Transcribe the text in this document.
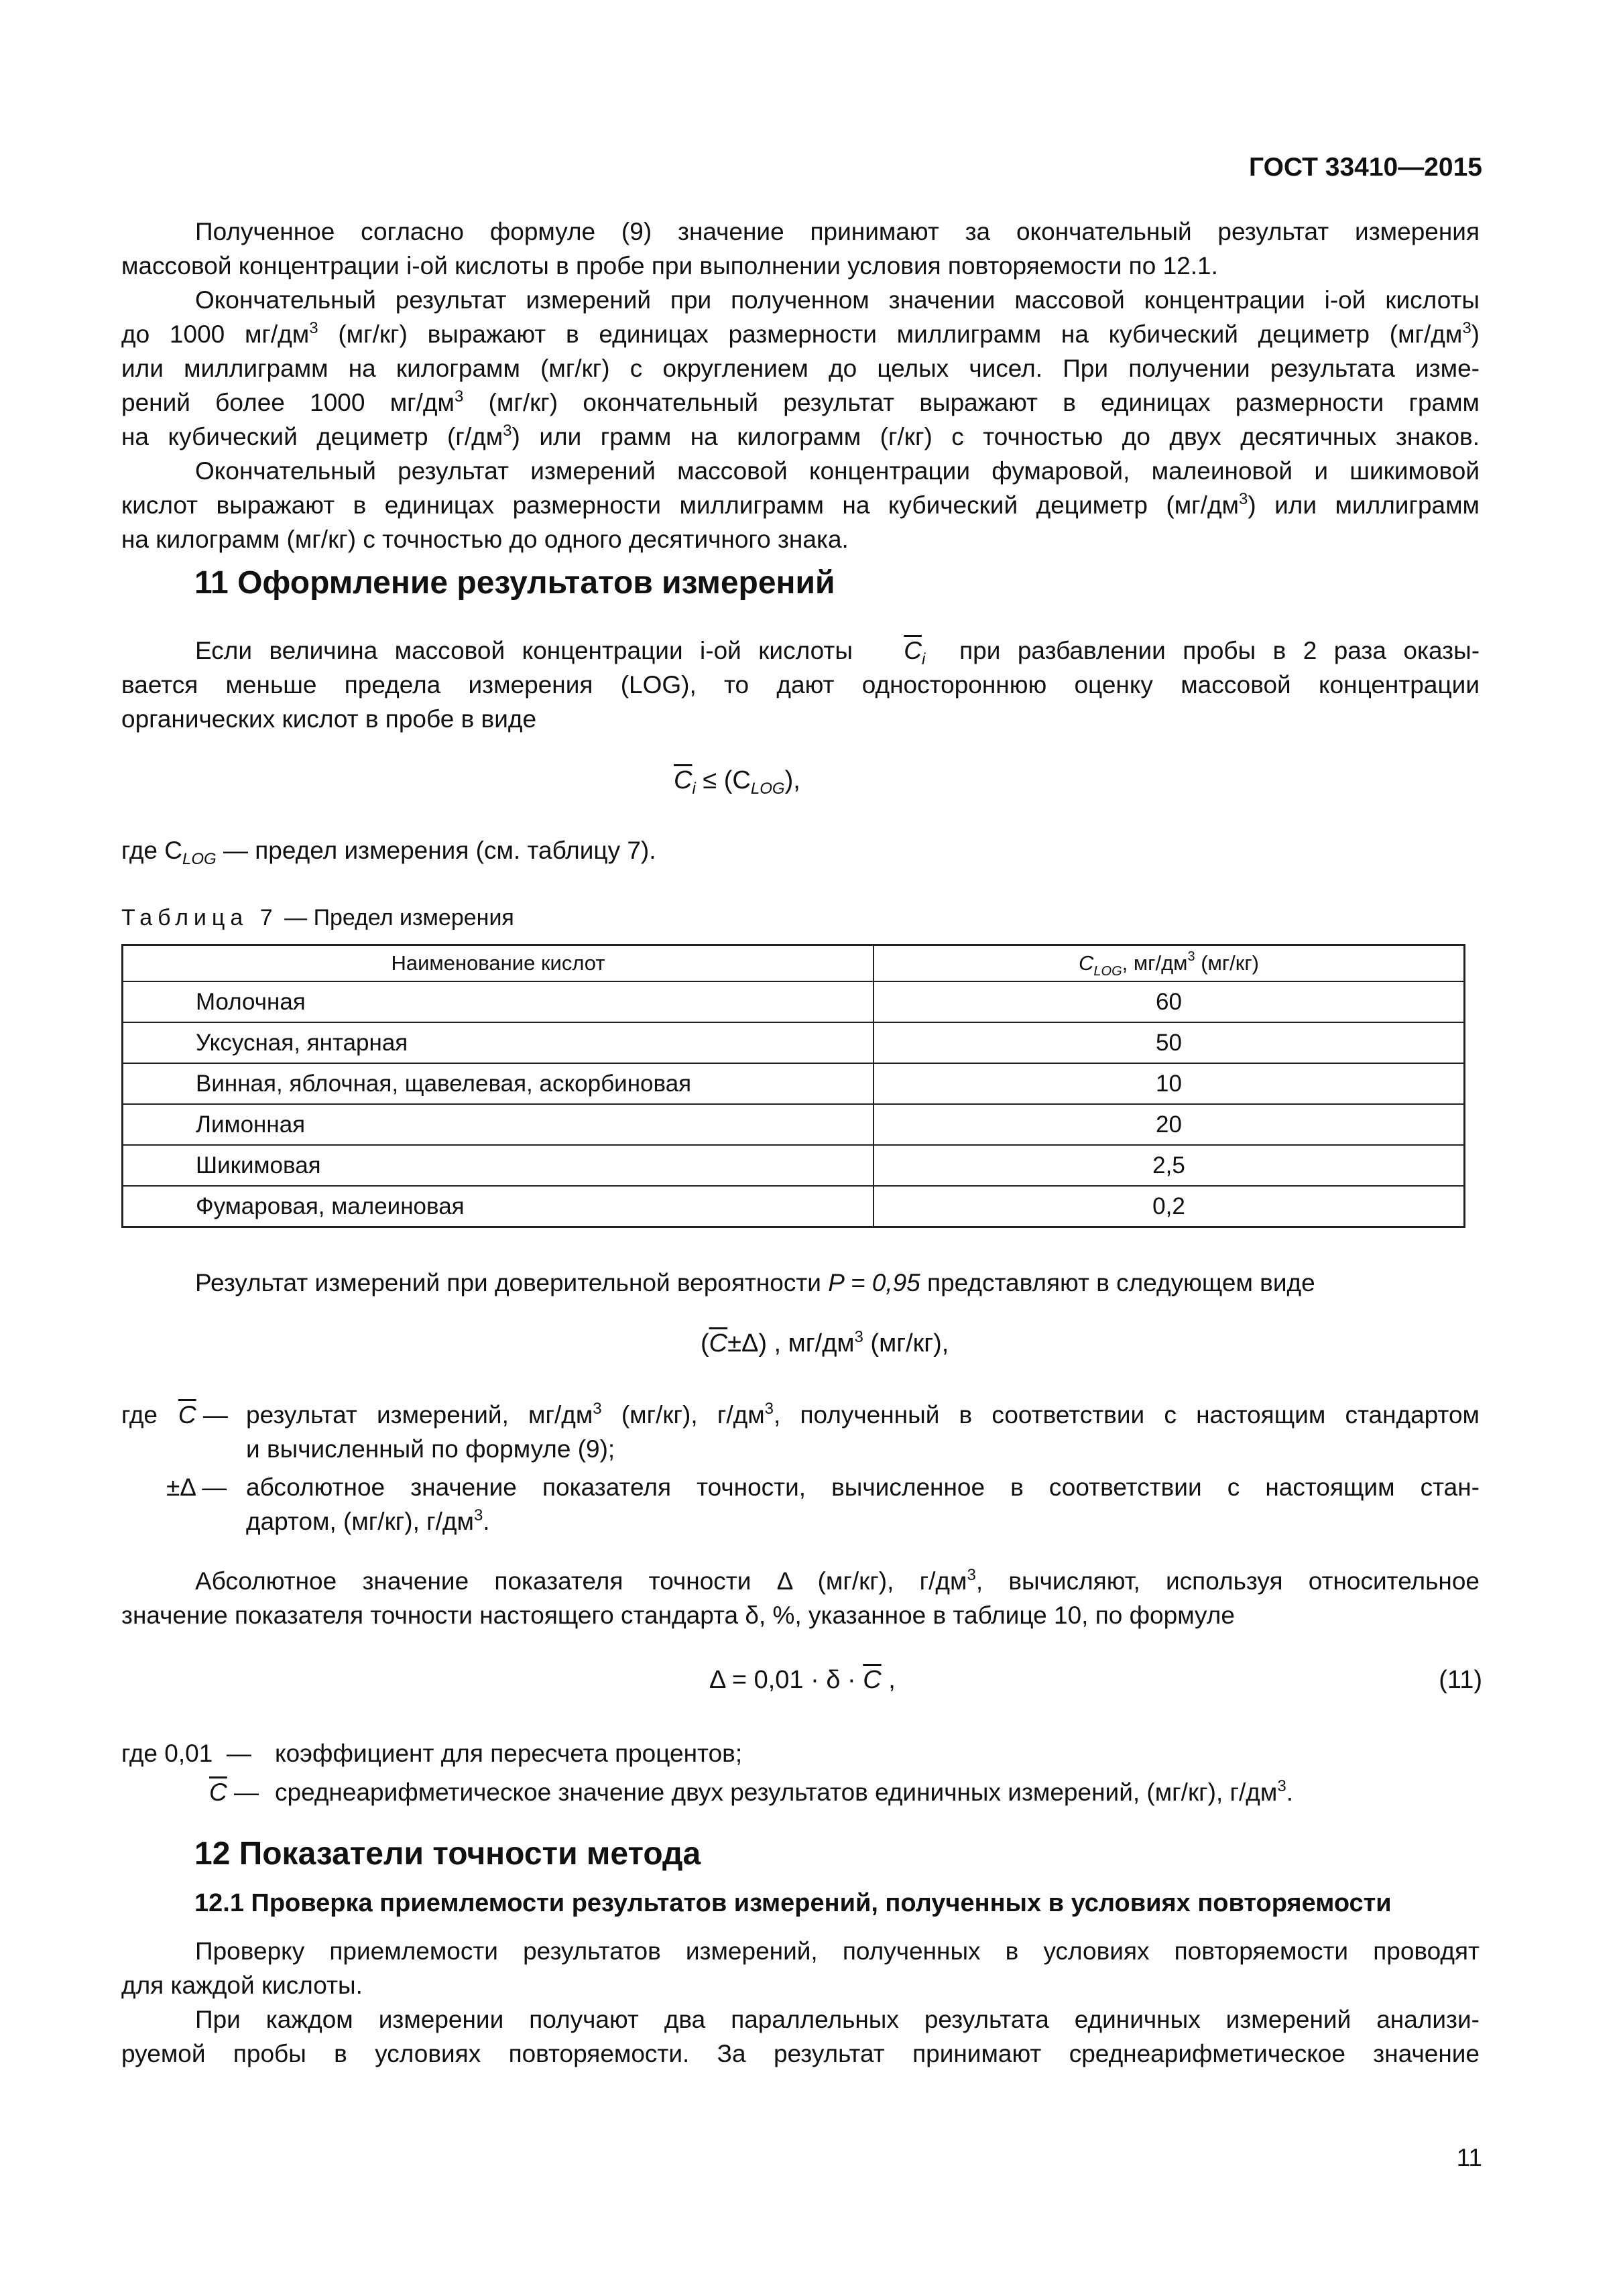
ГОСТ 33410—2015
Полученное согласно формуле (9) значение принимают за окончательный результат измерения
массовой концентрации i-ой кислоты в пробе при выполнении условия повторяемости по 12.1.
Окончательный результат измерений при полученном значении массовой концентрации i-ой кислоты
до 1000 $мг/дм^3$ (мг/кг) выражают в единицах размерности миллиграмм на кубический дециметр $(мг/дм^3)$
или миллиграмм на килограмм (мг/кг) с округлением до целых чисел. При получении результата изме-
рений более 1000 $мг/дм^3$ (мг/кг) окончательный результат выражают в единицах размерности грамм
на кубический дециметр $(г/дм^3)$ или грамм на килограмм (г/кг) с точностью до двух десятичных знаков.
Окончательный результат измерений массовой концентрации фумаровой, малеиновой и шикимовой
кислот выражают в единицах размерности миллиграмм на кубический дециметр $(мг/дм^3)$ или миллиграмм
на килограмм (мг/кг) с точностью до одного десятичного знака.
11 Оформление результатов измерений
Если величина массовой концентрации i-ой кислоты $\overline{C}_i$ при разбавлении пробы в 2 раза оказы-
вается меньше предела измерения (LOG), то дают одностороннюю оценку массовой концентрации
органических кислот в пробе в виде
$\overline{C}_i \le (C_{LOG})$,
где $C_{LOG}$ — предел измерения (см. таблицу 7).
Таблица 7 — Предел измерения
Наименование кислот	$C_{LOG}$, $мг/дм^3$ (мг/кг)
Молочная	60
Уксусная, янтарная	50
Винная, яблочная, щавелевая, аскорбиновая	10
Лимонная	20
Шикимовая	2,5
Фумаровая, малеиновая	0,2
Результат измерений при доверительной вероятности P = 0,95 представляют в следующем виде
$(\overline{C}\pm\Delta)$ , $мг/дм^3$ (мг/кг),
где $\overline{C}$ — результат измерений, $мг/дм^3$ (мг/кг), $г/дм^3$, полученный в соответствии с настоящим стандартом
и вычисленный по формуле (9);
±Δ — абсолютное значение показателя точности, вычисленное в соответствии с настоящим стан-
дартом, (мг/кг), $г/дм^3$.
Абсолютное значение показателя точности Δ (мг/кг), $г/дм^3$, вычисляют, используя относительное
значение показателя точности настоящего стандарта δ, %, указанное в таблице 10, по формуле
$\Delta = 0,01 \cdot \delta \cdot \overline{C}$ ,	(11)
где 0,01 — коэффициент для пересчета процентов;
$\overline{C}$ — среднеарифметическое значение двух результатов единичных измерений, (мг/кг), $г/дм^3$.
12 Показатели точности метода
12.1 Проверка приемлемости результатов измерений, полученных в условиях повторяемости
Проверку приемлемости результатов измерений, полученных в условиях повторяемости проводят
для каждой кислоты.
При каждом измерении получают два параллельных результата единичных измерений анализи-
руемой пробы в условиях повторяемости. За результат принимают среднеарифметическое значение
11
